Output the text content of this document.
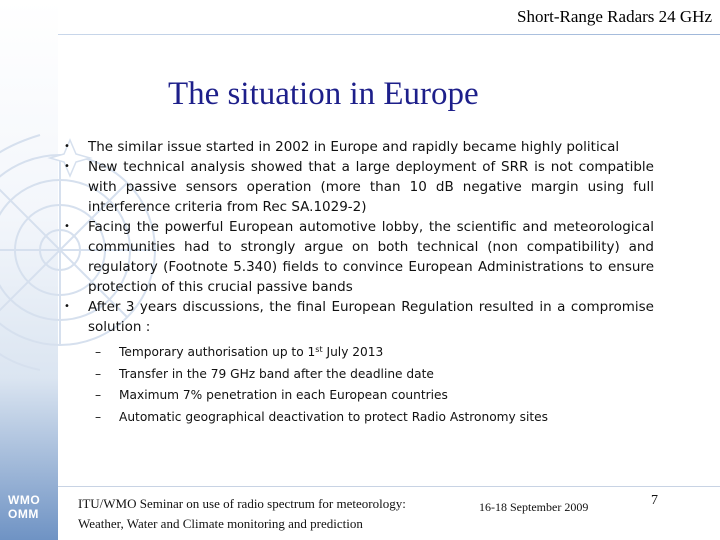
WMO
OMM
Short-Range Radars 24 GHz
The situation in Europe

• The similar issue started in 2002 in Europe and rapidly became highly political

• New technical analysis showed that a large deployment of SRR is not compatible with passive sensors operation (more than 10 dB negative margin using full interference criteria from Rec SA.1029-2)

• Facing the powerful European automotive lobby, the scientific and meteorological communities had to strongly argue on both technical (non compatibility) and regulatory (Footnote 5.340) fields to convince European Administrations to ensure protection of this crucial passive bands

• After 3 years discussions, the final European Regulation resulted in a compromise solution :

– Temporary authorisation up to 1st July 2013

– Transfer in the 79 GHz band after the deadline date

– Maximum 7% penetration in each European countries

– Automatic geographical deactivation to protect Radio Astronomy sites

ITU/WMO Seminar on use of radio spectrum for meteorology:
Weather, Water and Climate monitoring and prediction
16-18 September 2009	7
